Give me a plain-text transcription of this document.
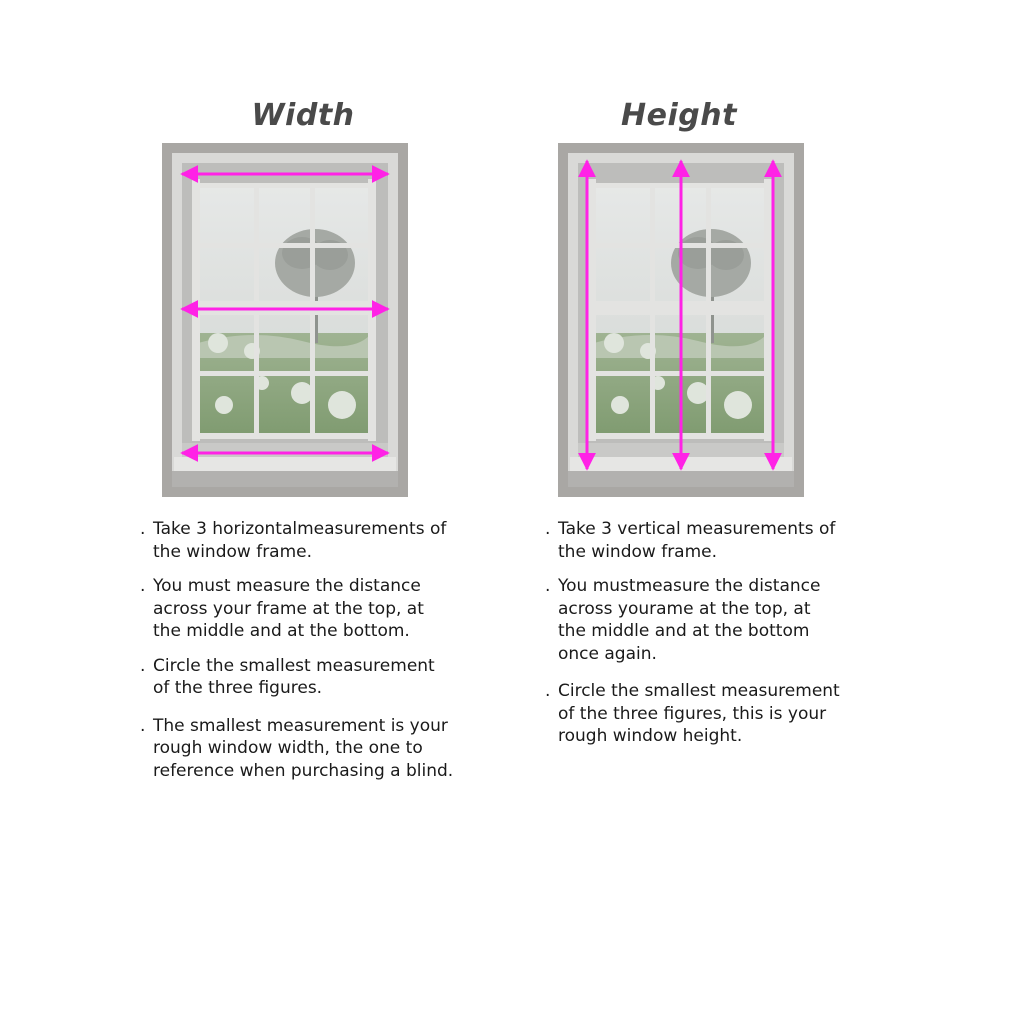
Width

. Take 3 horizontalmeasurements of
the window frame.

. You must measure the distance
across your frame at the top, at
the middle and at the bottom.

. Circle the smallest measurement
of the three figures.

. The smallest measurement is your
rough window width, the one to
reference when purchasing a blind.

Height

. Take 3 vertical measurements of
the window frame.

. You mustmeasure the distance
across yourame at the top, at
the middle and at the bottom
once again.

. Circle the smallest measurement
of the three figures, this is your
rough window height.
